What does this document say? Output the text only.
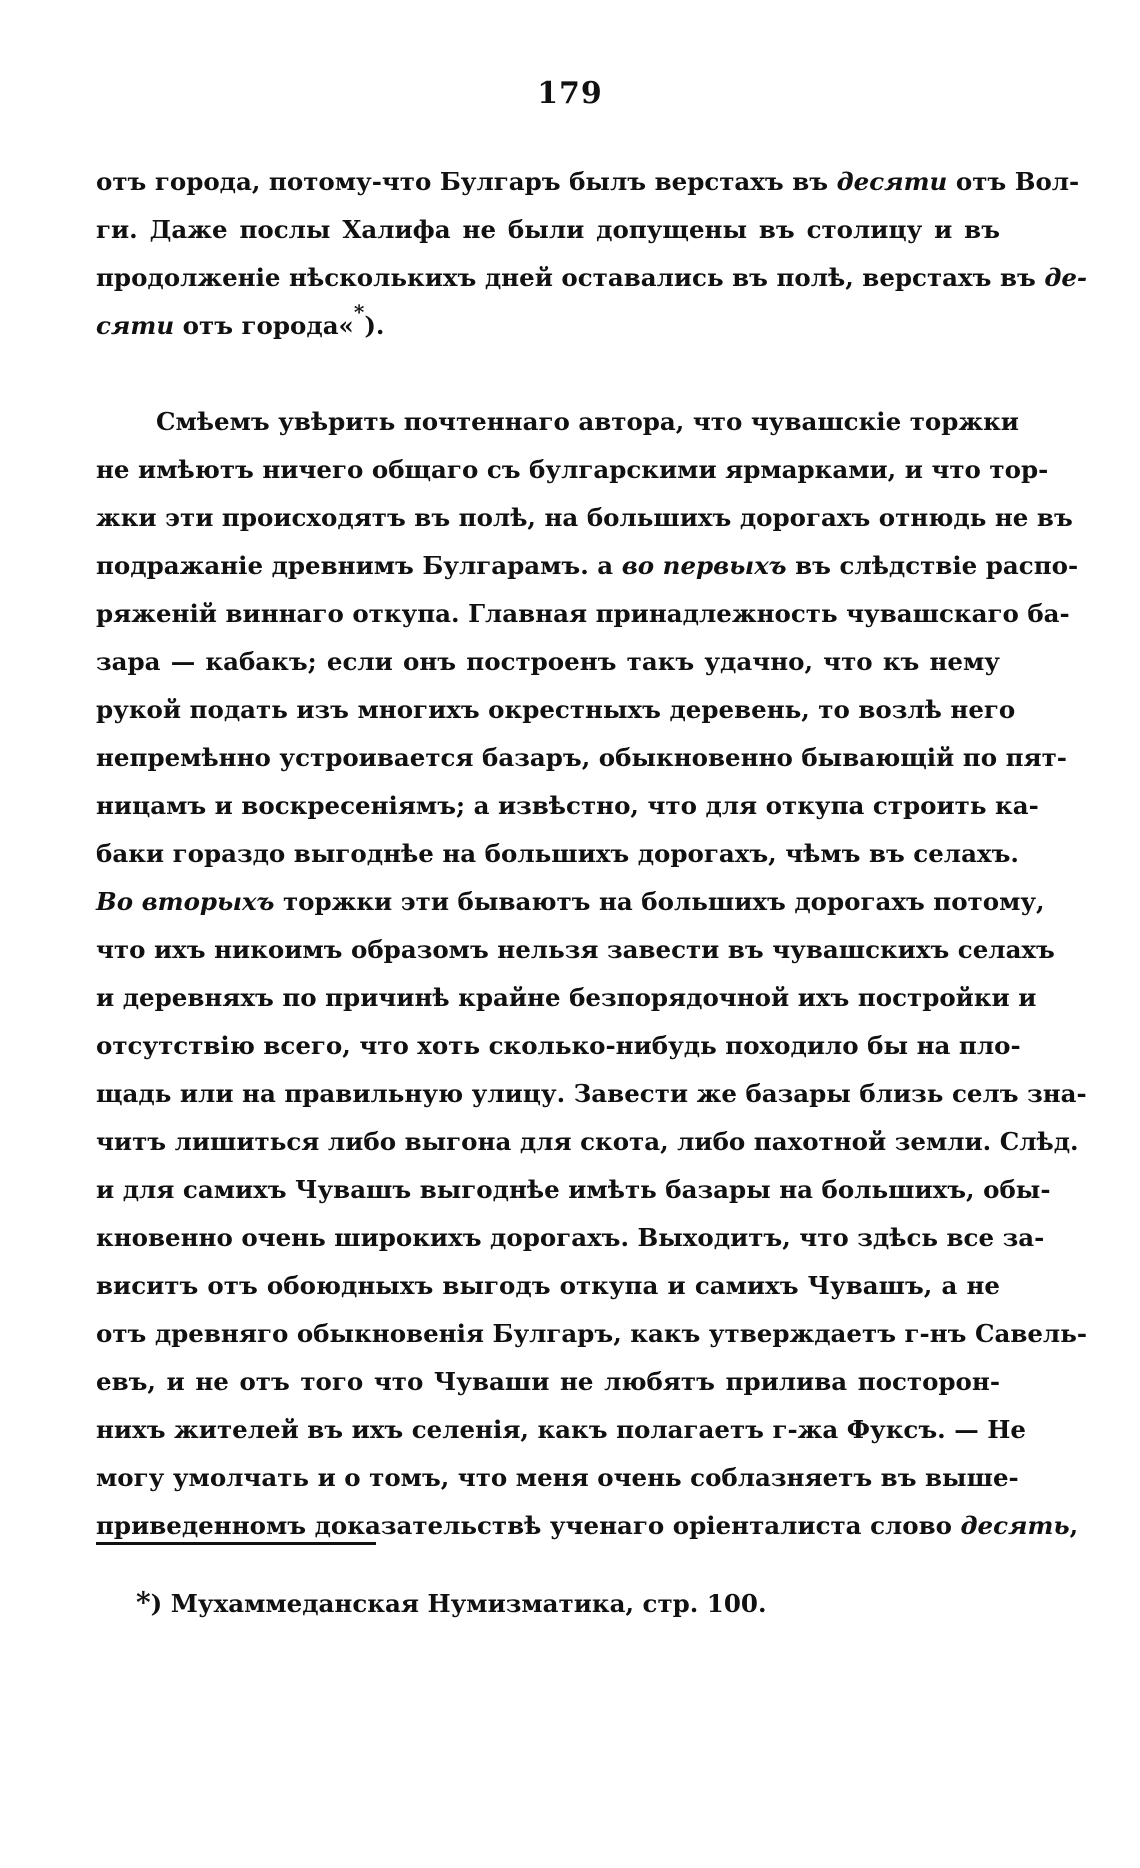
179
отъ города, потому-что Булгаръ былъ верстахъ въ десяти отъ Вол-
ги. Даже послы Халифа не были допущены въ столицу и въ
продолженіе нѣсколькихъ дней оставались въ полѣ, верстахъ въ де-
сяти отъ города«*).
Смѣемъ увѣрить почтеннаго автора, что чувашскіе торжки
не имѣютъ ничего общаго съ булгарскими ярмарками, и что тор-
жки эти происходятъ въ полѣ, на большихъ дорогахъ отнюдь не въ
подражаніе древнимъ Булгарамъ. а во первыхъ въ слѣдствіе распо-
ряженій виннаго откупа. Главная принадлежность чувашскаго ба-
зара — кабакъ; если онъ построенъ такъ удачно, что къ нему
рукой подать изъ многихъ окрестныхъ деревень, то возлѣ него
непремѣнно устроивается базаръ, обыкновенно бывающій по пят-
ницамъ и воскресеніямъ; а извѣстно, что для откупа строить ка-
баки гораздо выгоднѣе на большихъ дорогахъ, чѣмъ въ селахъ.
Во вторыхъ торжки эти бываютъ на большихъ дорогахъ потому,
что ихъ никоимъ образомъ нельзя завести въ чувашскихъ селахъ
и деревняхъ по причинѣ крайне безпорядочной ихъ постройки и
отсутствію всего, что хоть сколько-нибудь походило бы на пло-
щадь или на правильную улицу. Завести же базары близь селъ зна-
читъ лишиться либо выгона для скота, либо пахотной земли. Слѣд.
и для самихъ Чувашъ выгоднѣе имѣть базары на большихъ, обы-
кновенно очень широкихъ дорогахъ. Выходитъ, что здѣсь все за-
виситъ отъ обоюдныхъ выгодъ откупа и самихъ Чувашъ, а не
отъ древняго обыкновенія Булгаръ, какъ утверждаетъ г-нъ Савель-
евъ, и не отъ того что Чуваши не любятъ прилива посторон-
нихъ жителей въ ихъ селенія, какъ полагаетъ г-жа Фуксъ. — Не
могу умолчать и о томъ, что меня очень соблазняетъ въ выше-
приведенномъ доказательствѣ ученаго оріенталиста слово десять,
*) Мухаммеданская Нумизматика, стр. 100.
